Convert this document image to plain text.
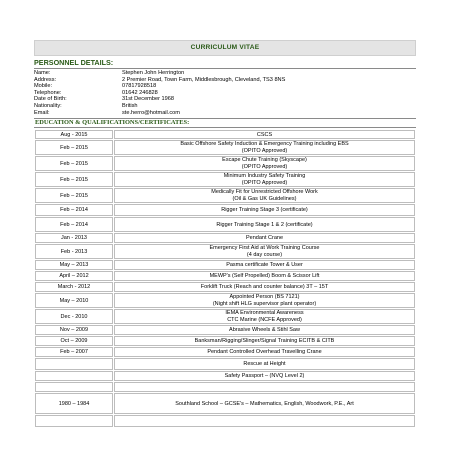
CURRICULUM VITAE
PERSONNEL DETAILS:
Name:	Stephen John Herrington
Address:	2 Premier Road, Town Farm, Middlesbrough, Cleveland, TS3 8NS
Mobile:	07817928518
Telephone:	01642 246828
Date of Birth:	31st December 1968
Nationality:	British
Email:	ste.herro@hotmail.com
EDUCATION & QUALIFICATIONS/CERTIFICATES:
Aug - 2015	CSCS

Feb – 2015	Basic Offshore Safety Induction & Emergency Training including EBS
(OPITO Approved)

Feb – 2015	Escape Chute Training (Skyscape)
(OPITO Approved)

Feb – 2015	Minimum Industry Safety Training
(OPITO Approved)

Feb – 2015	Medically Fit for Unrestricted Offshore Work
(Oil & Gas UK Guidelines)

Feb – 2014	Rigger Training Stage 3 (certificate)

Feb – 2014	Rigger Training Stage 1 & 2 (certificate)

Jan - 2013	Pendant Crane

Feb - 2013	Emergency First Aid at Work Training Course
(4 day course)

May – 2013	Pasma certificate Tower & User

April – 2012	MEWP's (Self Propelled) Boom & Scissor Lift

March - 2012	Forklift Truck (Reach and counter balance) 3T – 15T

May – 2010	Appointed Person (BS 7121)
(Night shift HLG supervisor plant operator)

Dec - 2010	IEMA Environmental Awareness
CTC Marine (NCFE Approved)

Nov – 2009	Abrasive Wheels & Stihl Saw

Oct – 2009	Banksman/Rigging/Slinger/Signal Training ECITB & CITB

Feb – 2007	Pendant Controlled Overhead Travelling Crane

	Rescue at Height

	Safety Passport – (NVQ Level 2)

1980 – 1984	Southland School – GCSE's – Mathematics, English, Woodwork, P.E., Art
